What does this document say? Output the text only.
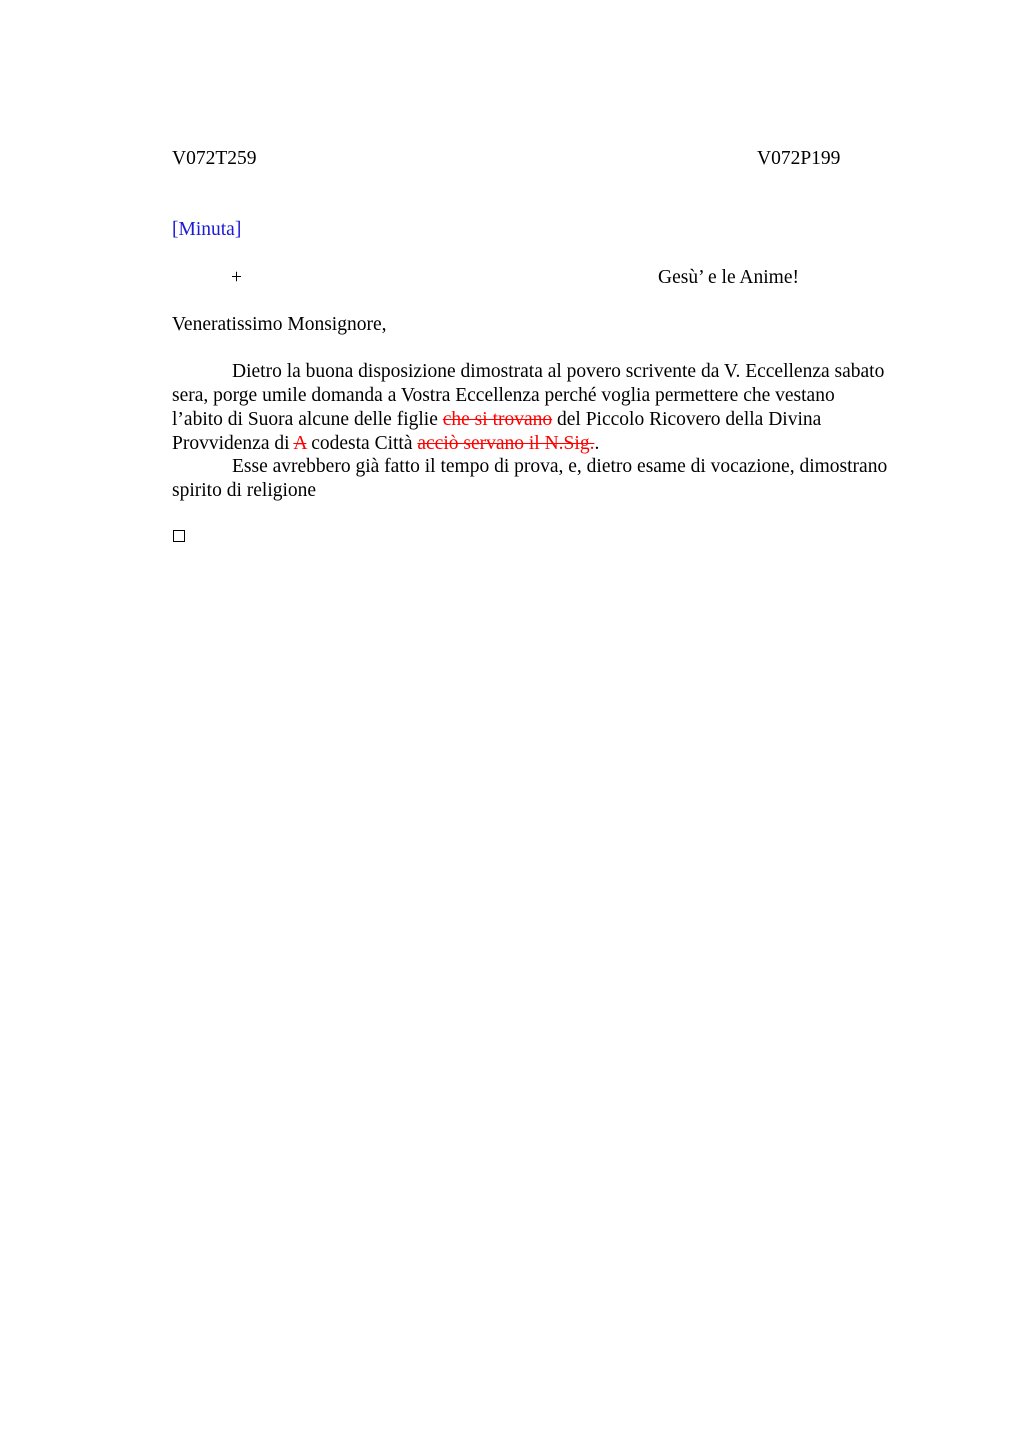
V072T259	V072P199
[Minuta]
+	Gesù’ e le Anime!
Veneratissimo Monsignore,
Dietro la buona disposizione dimostrata al povero scrivente da V. Eccellenza sabato
sera, porge umile domanda a Vostra Eccellenza perché voglia permettere che vestano
l’abito di Suora alcune delle figlie che si trovano del Piccolo Ricovero della Divina
Provvidenza di A codesta Città acciò servano il N.Sig..
Esse avrebbero già fatto il tempo di prova, e, dietro esame di vocazione, dimostrano
spirito di religione
